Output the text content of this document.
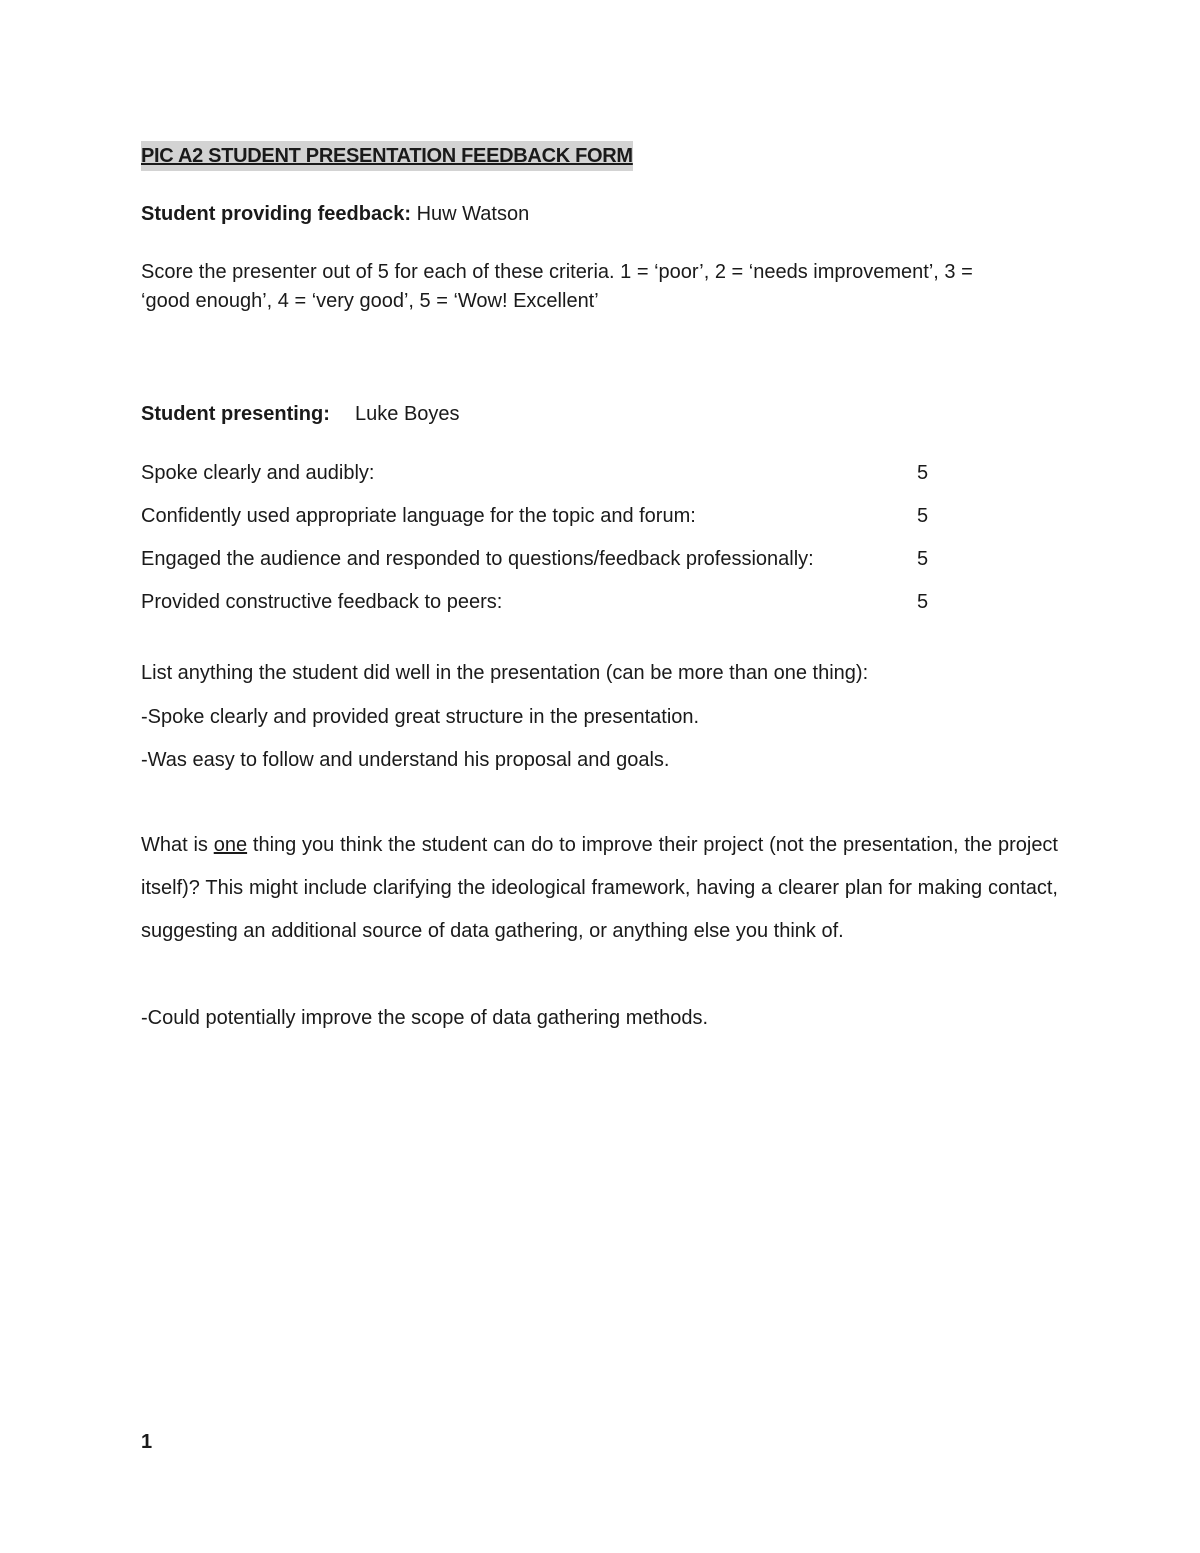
PIC A2 STUDENT PRESENTATION FEEDBACK FORM
Student providing feedback: Huw Watson
Score the presenter out of 5 for each of these criteria. 1 = ‘poor’, 2 = ‘needs improvement’, 3 =
‘good enough’, 4 = ‘very good’, 5 = ‘Wow! Excellent’
Student presenting: Luke Boyes
Spoke clearly and audibly:	5
Confidently used appropriate language for the topic and forum:	5
Engaged the audience and responded to questions/feedback professionally:	5
Provided constructive feedback to peers:	5
List anything the student did well in the presentation (can be more than one thing):
-Spoke clearly and provided great structure in the presentation.
-Was easy to follow and understand his proposal and goals.
What is one thing you think the student can do to improve their project (not the presentation, the project itself)? This might include clarifying the ideological framework, having a clearer plan for making contact, suggesting an additional source of data gathering, or anything else you think of.
-Could potentially improve the scope of data gathering methods.
1
